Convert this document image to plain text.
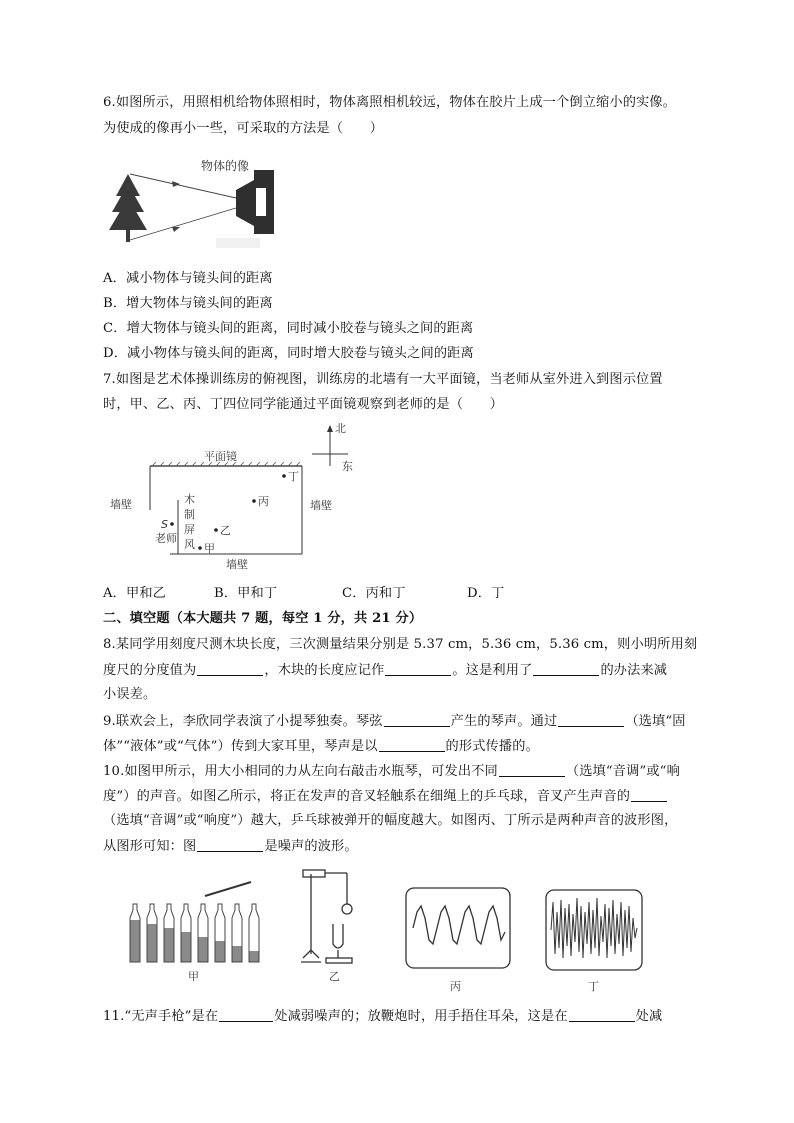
6.如图所示，用照相机给物体照相时，物体离照相机较远，物体在胶片上成一个倒立缩小的实像。
为使成的像再小一些，可采取的方法是（　　）
物体的像
A．减小物体与镜头间的距离
B．增大物体与镜头间的距离
C．增大物体与镜头间的距离，同时减小胶卷与镜头之间的距离
D．减小物体与镜头间的距离，同时增大胶卷与镜头之间的距离
7.如图是艺术体操训练房的俯视图，训练房的北墙有一大平面镜，当老师从室外进入到图示位置
时，甲、乙、丙、丁四位同学能通过平面镜观察到老师的是（　　）
北
东
平面镜
木
制
屏
风
墙壁	墙壁
墙壁
S
老师
甲
乙
丙
丁
A．甲和乙	B．甲和丁	C．丙和丁	D．丁
二、填空题（本大题共 7 题，每空 1 分，共 21 分）
8.某同学用刻度尺测木块长度，三次测量结果分别是 5.37 cm，5.36 cm，5.36 cm，则小明所用刻
度尺的分度值为	，木块的长度应记作	。这是利用了	的办法来减
小误差。
9.联欢会上，李欣同学表演了小提琴独奏。琴弦	产生的琴声。通过	（选填“固
体”“液体”或“气体”）传到大家耳里，琴声是以	的形式传播的。
10.如图甲所示，用大小相同的力从左向右敲击水瓶琴，可发出不同	（选填“音调”或“响
度”）的声音。如图乙所示，将正在发声的音叉轻触系在细绳上的乒乓球，音叉产生声音的
（选填“音调”或“响度”）越大，乒乓球被弹开的幅度越大。如图丙、丁所示是两种声音的波形图，
从图形可知：图	是噪声的波形。
甲	乙
丙	丁
11.“无声手枪”是在	处减弱噪声的；放鞭炮时，用手捂住耳朵，这是在	处减
